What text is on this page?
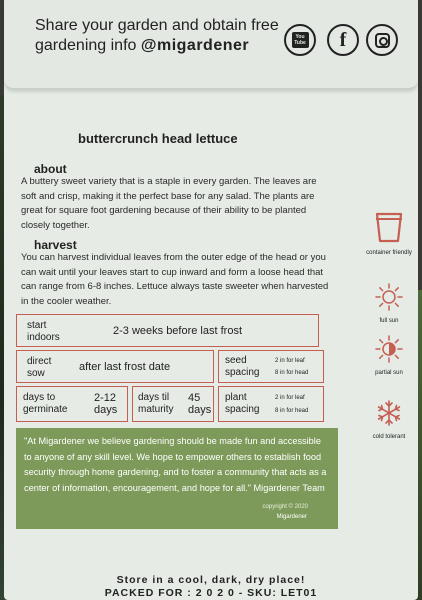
Share your garden and obtain free
gardening info @migardener	You Tube f
buttercrunch head lettuce
about
A buttery sweet variety that is a staple in every garden. The leaves are soft and crisp, making it the perfect base for any salad. The plants are great for square foot gardening because of their ability to be planted closely together.
harvest
You can harvest individual leaves from the outer edge of the head or you can wait until your leaves start to cup inward and form a loose head that can range from 6-8 inches. Lettuce always taste sweeter when harvested in the cooler weather.
start indoors
2-3 weeks before last frost
direct sow
after last frost date
seed spacing
2 in for leaf
8 in for head
days to germinate
2-12 days
days til maturity
45 days
plant spacing
2 in for leaf
8 in for head
"At Migardener we believe gardening should be made fun and accessible to anyone of any skill level. We hope to empower others to establish food security through home gardening, and to foster a community that acts as a center of information, encouragement, and hope for all." Migardener Team
copyright © 2020
Migardener
container friendly
full sun
partial sun
cold tolerant
Store in a cool, dark, dry place!
PACKED FOR : 2 0 2 0 - SKU: LET01
